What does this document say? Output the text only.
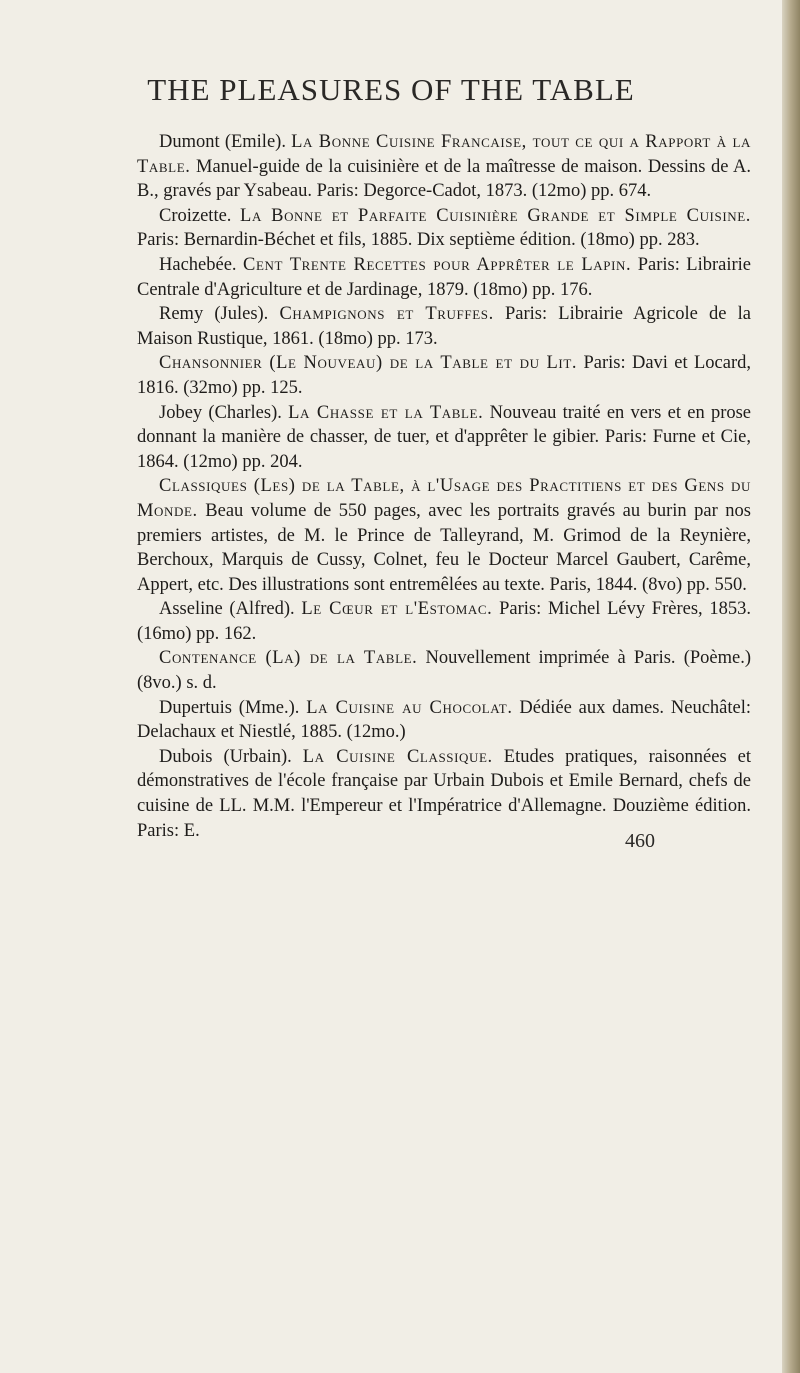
THE PLEASURES OF THE TABLE

Dumont (Emile). La Bonne Cuisine Francaise, tout ce qui a Rapport à la Table. Manuel-guide de la cuisinière et de la maîtresse de maison. Dessins de A. B., gravés par Ysabeau. Paris: Degorce-Cadot, 1873. (12mo) pp. 674.

Croizette. La Bonne et Parfaite Cuisinière Grande et Simple Cuisine. Paris: Bernardin-Béchet et fils, 1885. Dix septième édition. (18mo) pp. 283.

Hachebée. Cent Trente Recettes pour Apprêter le Lapin. Paris: Librairie Centrale d'Agriculture et de Jardinage, 1879. (18mo) pp. 176.

Remy (Jules). Champignons et Truffes. Paris: Librairie Agricole de la Maison Rustique, 1861. (18mo) pp. 173.

Chansonnier (Le Nouveau) de la Table et du Lit. Paris: Davi et Locard, 1816. (32mo) pp. 125.

Jobey (Charles). La Chasse et la Table. Nouveau traité en vers et en prose donnant la manière de chasser, de tuer, et d'apprêter le gibier. Paris: Furne et Cie, 1864. (12mo) pp. 204.

Classiques (Les) de la Table, à l'Usage des Practitiens et des Gens du Monde. Beau volume de 550 pages, avec les portraits gravés au burin par nos premiers artistes, de M. le Prince de Talleyrand, M. Grimod de la Reynière, Berchoux, Marquis de Cussy, Colnet, feu le Docteur Marcel Gaubert, Carême, Appert, etc. Des illustrations sont entremêlées au texte. Paris, 1844. (8vo) pp. 550.

Asseline (Alfred). Le Cœur et l'Estomac. Paris: Michel Lévy Frères, 1853. (16mo) pp. 162.

Contenance (La) de la Table. Nouvellement imprimée à Paris. (Poème.) (8vo.) s. d.

Dupertuis (Mme.). La Cuisine au Chocolat. Dédiée aux dames. Neuchâtel: Delachaux et Niestlé, 1885. (12mo.)

Dubois (Urbain). La Cuisine Classique. Etudes pratiques, raisonnées et démonstratives de l'école française par Urbain Dubois et Emile Bernard, chefs de cuisine de LL. M.M. l'Empereur et l'Impératrice d'Allemagne. Douzième édition. Paris: E.	460
